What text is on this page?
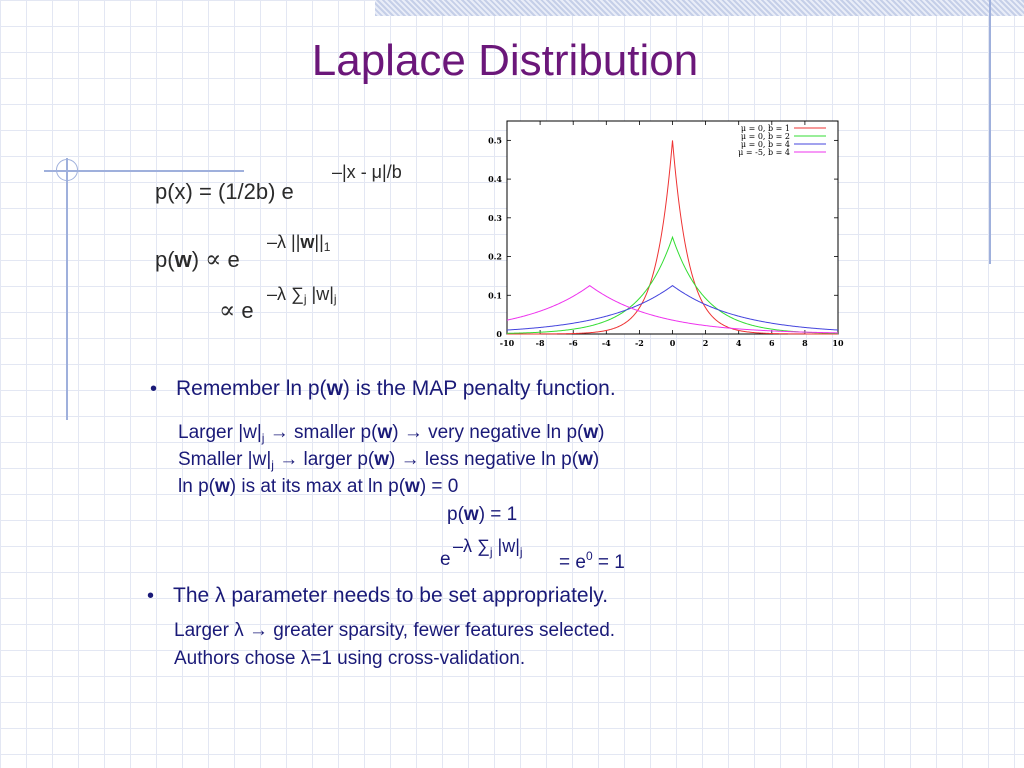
Laplace Distribution
p(x) = (1/2b) e
–|x - μ|/b
p(w) ∝ e
–λ $||w||_1$
∝ e
–λ $\sum_j$ $|w|_j$
-10	-8	-6	-4	-2	0	2	4	6	8	10
0
0.1
0.2
0.3
0.4
0.5
μ = 0, b = 1
μ = 0, b = 2
μ = 0, b = 4
μ = -5, b = 4
• Remember ln p(w) is the MAP penalty function.
Larger $|w|_j$ → smaller p(w) → very negative ln p(w)
Smaller $|w|_j$ → larger p(w) → less negative ln p(w)
ln p(w) is at its max at ln p(w) = 0
p(w) = 1
e
–λ $\sum_j$ $|w|_j = e^0 = 1$
• The λ parameter needs to be set appropriately.
Larger λ → greater sparsity, fewer features selected.
Authors chose λ=1 using cross-validation.
